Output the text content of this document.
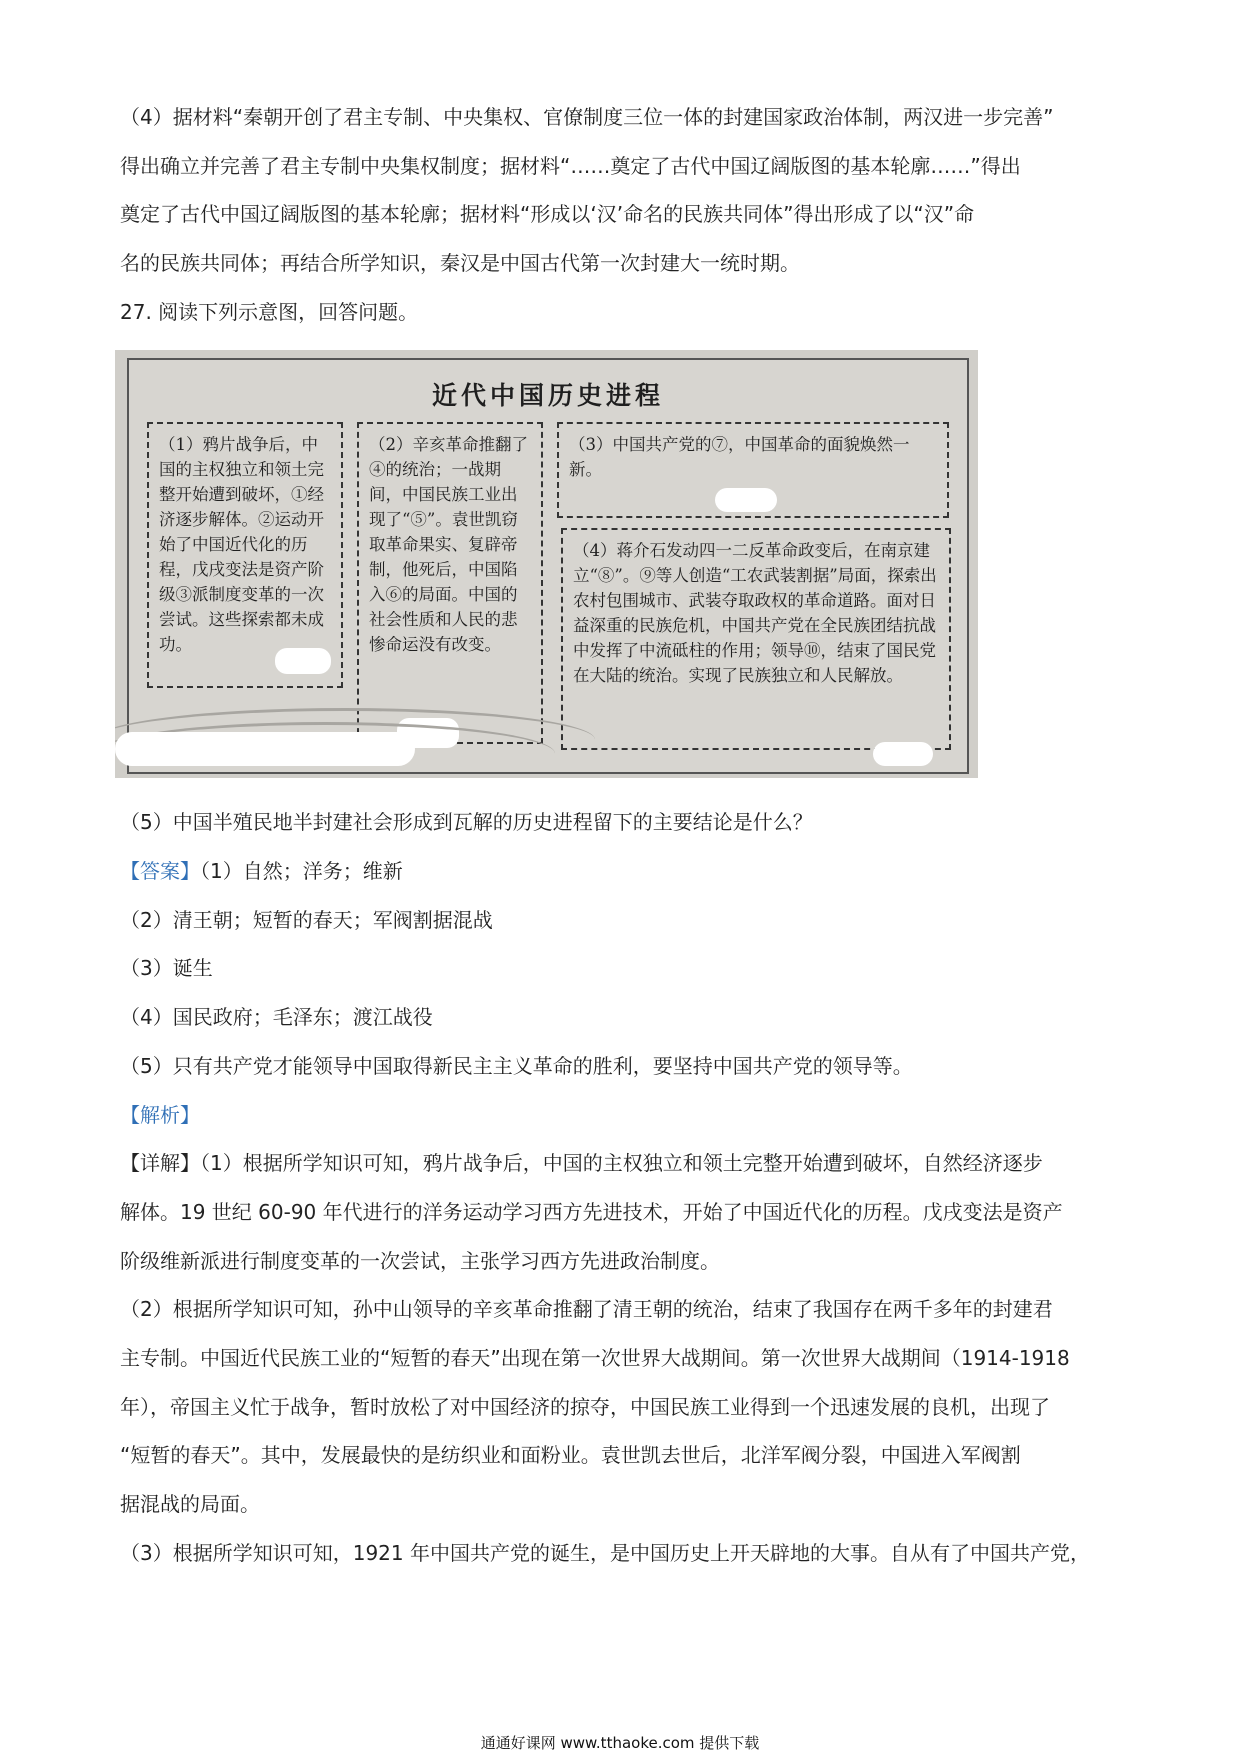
（4）据材料“秦朝开创了君主专制、中央集权、官僚制度三位一体的封建国家政治体制，两汉进一步完善”
得出确立并完善了君主专制中央集权制度；据材料“……奠定了古代中国辽阔版图的基本轮廓……”得出
奠定了古代中国辽阔版图的基本轮廓；据材料“形成以‘汉’命名的民族共同体”得出形成了以“汉”命
名的民族共同体；再结合所学知识，秦汉是中国古代第一次封建大一统时期。
27. 阅读下列示意图，回答问题。
近代中国历史进程
（1）鸦片战争后，中国的主权独立和领土完整开始遭到破坏，①经济逐步解体。②运动开始了中国近代化的历程，戊戌变法是资产阶级③派制度变革的一次尝试。这些探索都未成功。
（2）辛亥革命推翻了④的统治；一战期间，中国民族工业出现了“⑤”。袁世凯窃取革命果实、复辟帝制，他死后，中国陷入⑥的局面。中国的社会性质和人民的悲惨命运没有改变。
（3）中国共产党的⑦，中国革命的面貌焕然一新。
（4）蒋介石发动四一二反革命政变后，在南京建立“⑧”。⑨等人创造“工农武装割据”局面，探索出农村包围城市、武装夺取政权的革命道路。面对日益深重的民族危机，中国共产党在全民族团结抗战中发挥了中流砥柱的作用；领导⑩，结束了国民党在大陆的统治。实现了民族独立和人民解放。
（5）中国半殖民地半封建社会形成到瓦解的历史进程留下的主要结论是什么？
【答案】（1）自然；洋务；维新
（2）清王朝；短暂的春天；军阀割据混战
（3）诞生
（4）国民政府；毛泽东；渡江战役
（5）只有共产党才能领导中国取得新民主主义革命的胜利，要坚持中国共产党的领导等。
【解析】
【详解】（1）根据所学知识可知，鸦片战争后，中国的主权独立和领土完整开始遭到破坏，自然经济逐步
解体。19 世纪 60-90 年代进行的洋务运动学习西方先进技术，开始了中国近代化的历程。戊戌变法是资产
阶级维新派进行制度变革的一次尝试，主张学习西方先进政治制度。
（2）根据所学知识可知，孙中山领导的辛亥革命推翻了清王朝的统治，结束了我国存在两千多年的封建君
主专制。中国近代民族工业的“短暂的春天”出现在第一次世界大战期间。第一次世界大战期间（1914-1918
年），帝国主义忙于战争，暂时放松了对中国经济的掠夺，中国民族工业得到一个迅速发展的良机，出现了
“短暂的春天”。其中，发展最快的是纺织业和面粉业。袁世凯去世后，北洋军阀分裂，中国进入军阀割
据混战的局面。
（3）根据所学知识可知，1921 年中国共产党的诞生，是中国历史上开天辟地的大事。自从有了中国共产党，
通通好课网 www.tthaoke.com 提供下载
